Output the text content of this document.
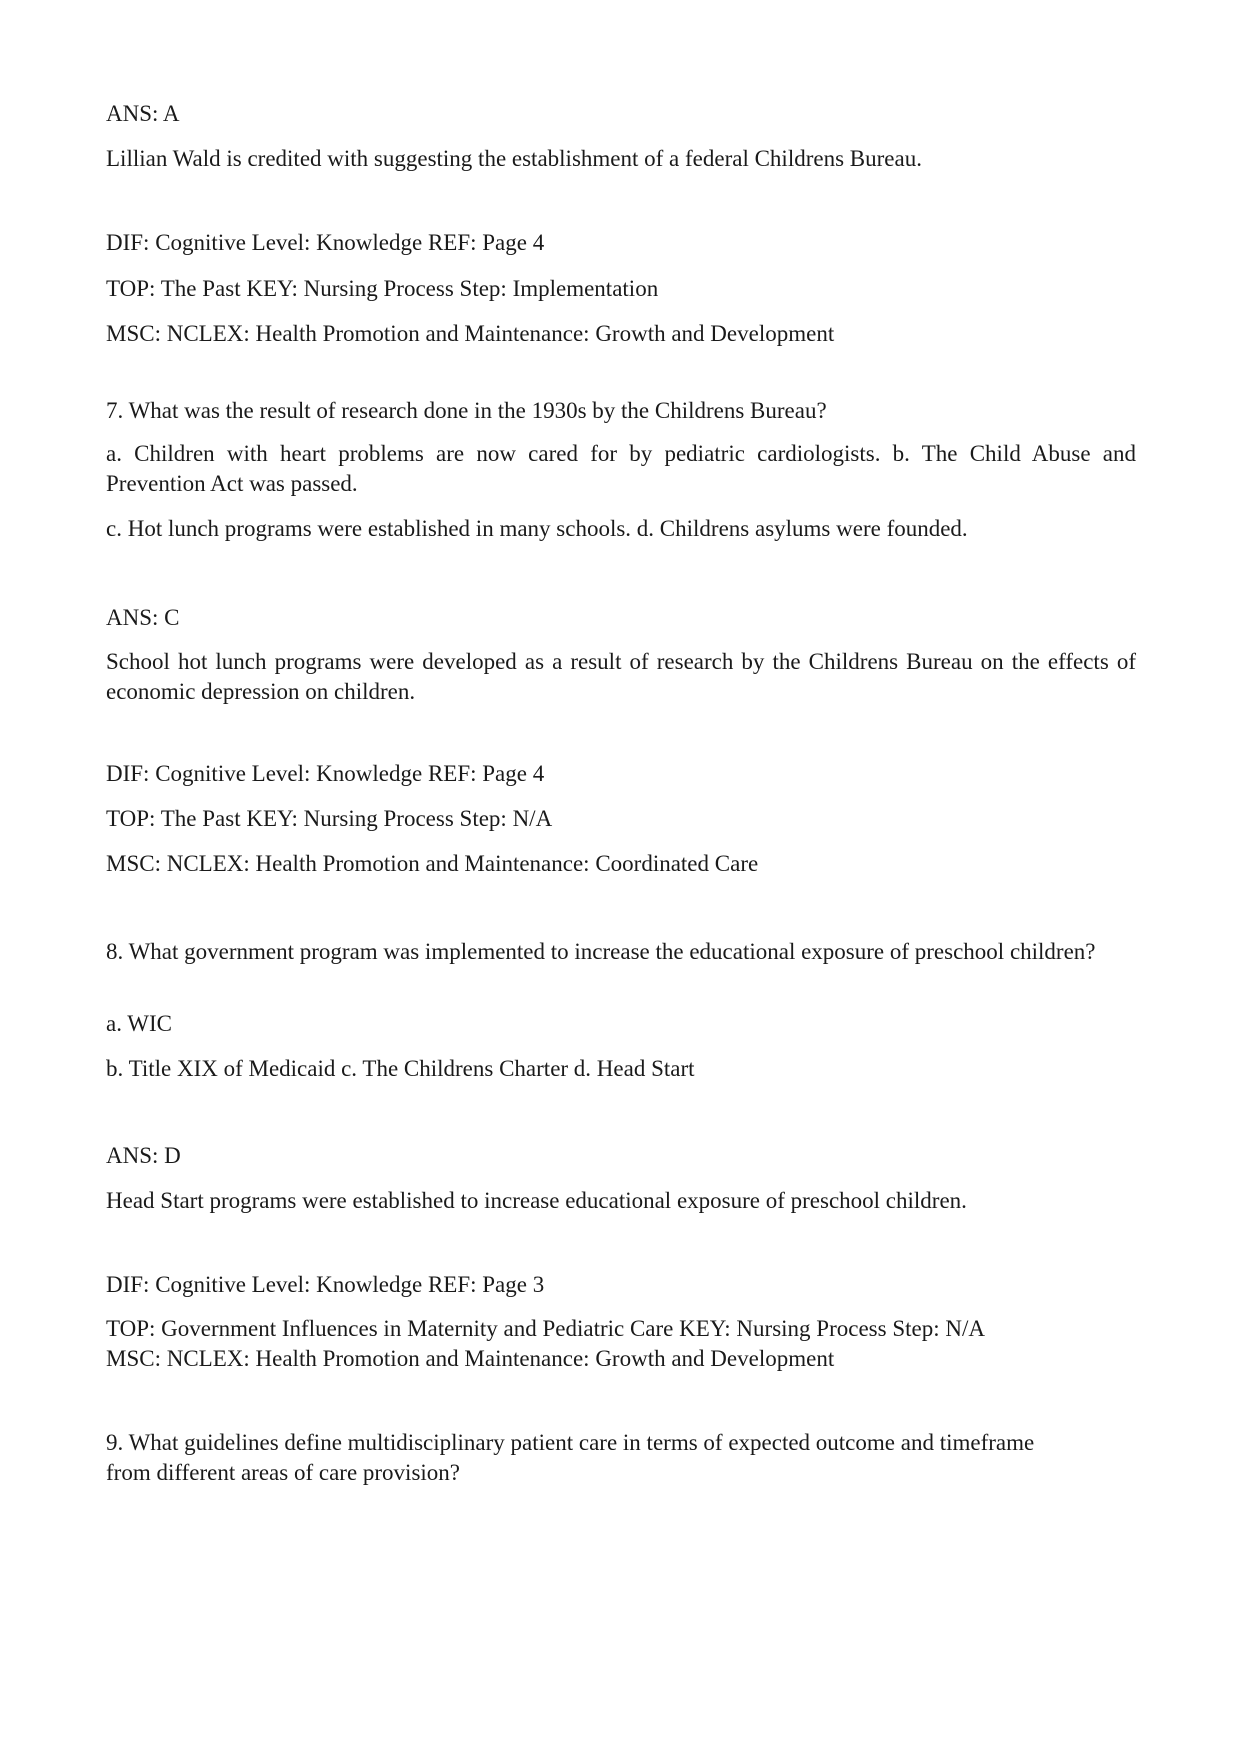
ANS: A
Lillian Wald is credited with suggesting the establishment of a federal Childrens Bureau.
DIF: Cognitive Level: Knowledge REF: Page 4
TOP: The Past KEY: Nursing Process Step: Implementation
MSC: NCLEX: Health Promotion and Maintenance: Growth and Development
7. What was the result of research done in the 1930s by the Childrens Bureau?
a. Children with heart problems are now cared for by pediatric cardiologists. b. The Child Abuse and Prevention Act was passed.
c. Hot lunch programs were established in many schools. d. Childrens asylums were founded.
ANS: C
School hot lunch programs were developed as a result of research by the Childrens Bureau on the effects of economic depression on children.
DIF: Cognitive Level: Knowledge REF: Page 4
TOP: The Past KEY: Nursing Process Step: N/A
MSC: NCLEX: Health Promotion and Maintenance: Coordinated Care
8. What government program was implemented to increase the educational exposure of preschool children?
a. WIC
b. Title XIX of Medicaid c. The Childrens Charter d. Head Start
ANS: D
Head Start programs were established to increase educational exposure of preschool children.
DIF: Cognitive Level: Knowledge REF: Page 3
TOP: Government Influences in Maternity and Pediatric Care KEY: Nursing Process Step: N/A
MSC: NCLEX: Health Promotion and Maintenance: Growth and Development
9. What guidelines define multidisciplinary patient care in terms of expected outcome and timeframe from different areas of care provision?
